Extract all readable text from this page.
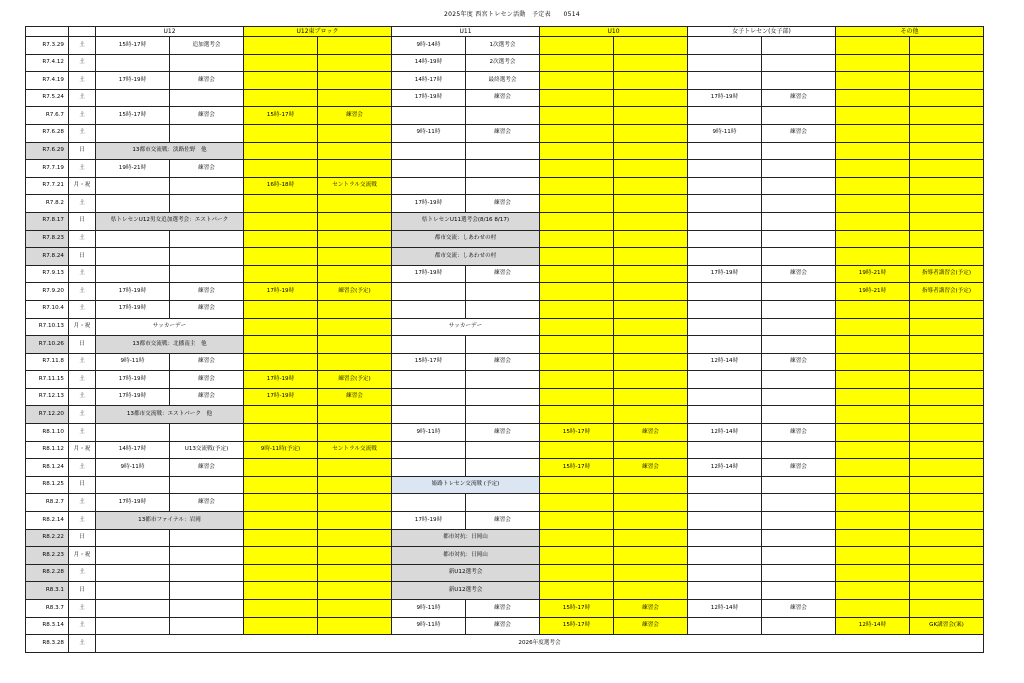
2025年度 西宮トレセン活動　予定表　　0514
		U12		U12東ブロック		U11		U10		女子トレセン(女子部)		その他	
R7.3.29	土	15時-17時	追加選考会			9時-14時	1次選考会						
R7.4.12	土					14時-19時	2次選考会						
R7.4.19	土	17時-19時	練習会			14時-17時	最終選考会						
R7.5.24	土					17時-19時	練習会			17時-19時	練習会		
R7.6.7	土	15時-17時	練習会	15時-17時	練習会								
R7.6.28	土					9時-11時	練習会			9時-11時	練習会		
R7.6.29	日	13都市交流戦：淡路佐野　他											
R7.7.19	土	19時-21時	練習会										
R7.7.21	月・祝			16時-18時	セントラル交流戦								
R7.8.2	土					17時-19時	練習会						
R7.8.17	日	県トレセンU12男女追加選考会：エストパーク				県トレセンU11選考会(8/16 8/17)							
R7.8.23	土					都市交流：しあわせの村							
R7.8.24	日					都市交流：しあわせの村							
R7.9.13	土					17時-19時	練習会			17時-19時	練習会	19時-21時	指導者講習会(予定)
R7.9.20	土	17時-19時	練習会	17時-19時	練習会(予定)							19時-21時	指導者講習会(予定)
R7.10.4	土	17時-19時	練習会										
R7.10.13	月・祝	サッカーデー				サッカーデー							
R7.10.26	日	13都市交流戦：北播南主　他											
R7.11.8	土	9時-11時	練習会			15時-17時	練習会			12時-14時	練習会		
R7.11.15	土	17時-19時	練習会	17時-19時	練習会(予定)								
R7.12.13	土	17時-19時	練習会	17時-19時	練習会								
R7.12.20	土	13都市交流戦：エストパーク　他											
R8.1.10	土					9時-11時	練習会	15時-17時	練習会	12時-14時	練習会		
R8.1.12	月・祝	14時-17時	U13交流戦(予定)	9時-11時(予定)	セントラル交流戦								
R8.1.24	土	9時-11時	練習会					15時-17時	練習会	12時-14時	練習会		
R8.1.25	日					姫路トレセン交流戦 (予定)							
R8.2.7	土	17時-19時	練習会										
R8.2.14	土	13都市ファイナル：岩岡				17時-19時	練習会						
R8.2.22	日					都市対抗：日岡山							
R8.2.23	月・祝					都市対抗：日岡山							
R8.2.28	土					新U12選考会							
R8.3.1	日					新U12選考会							
R8.3.7	土					9時-11時	練習会	15時-17時	練習会	12時-14時	練習会		
R8.3.14	土					9時-11時	練習会	15時-17時	練習会			12時-14時	GK講習会(案)
R8.3.28	土	2026年度選考会											
